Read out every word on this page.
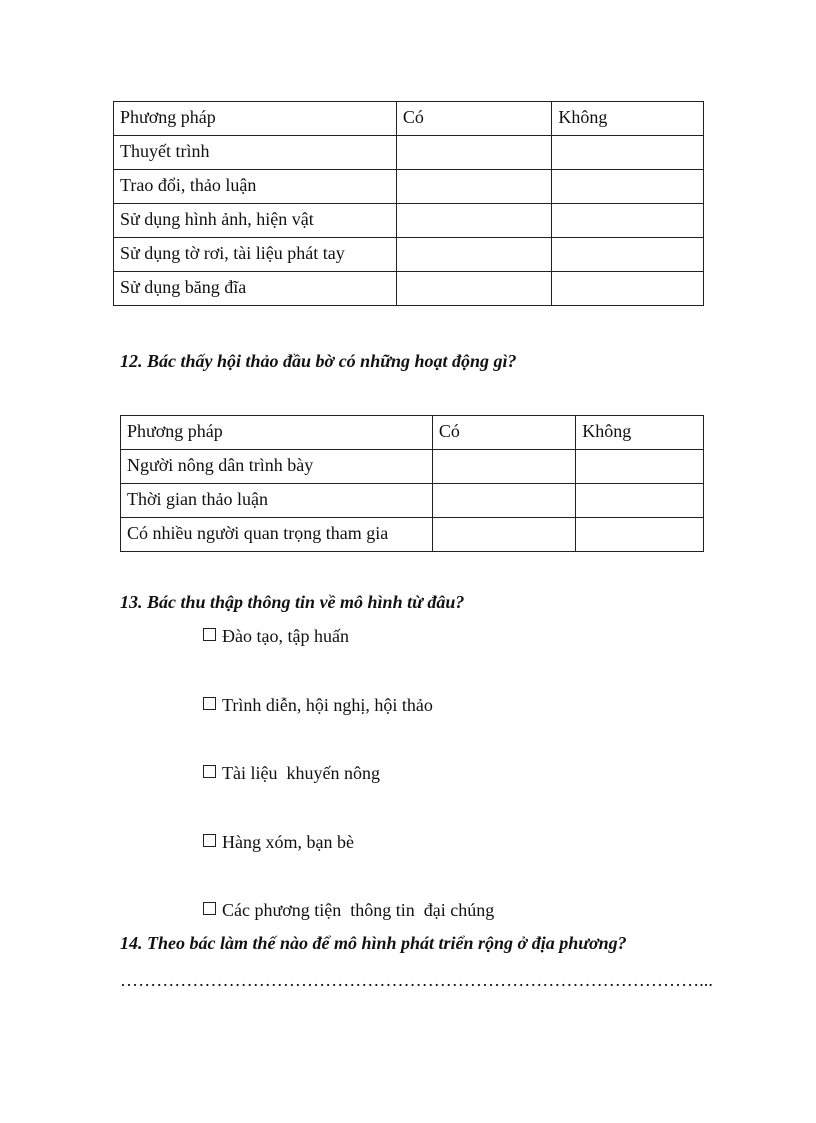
Phương pháp	Có	Không
Thuyết trình		
Trao đổi, thảo luận		
Sử dụng hình ảnh, hiện vật		
Sử dụng tờ rơi, tài liệu phát tay		
Sử dụng băng đĩa		

12. Bác thấy hội thảo đầu bờ có những hoạt động gì?

Phương pháp	Có	Không
Người nông dân trình bày		
Thời gian thảo luận		
Có nhiều người quan trọng tham gia		

13. Bác thu thập thông tin về mô hình từ đâu?

Đào tạo, tập huấn
Trình diễn, hội nghị, hội thảo
Tài liệu  khuyến nông
Hàng xóm, bạn bè
Các phương tiện  thông tin  đại chúng

14. Theo bác làm thế nào để mô hình phát triển rộng ở địa phương?

……………………………………………………………………………………...
